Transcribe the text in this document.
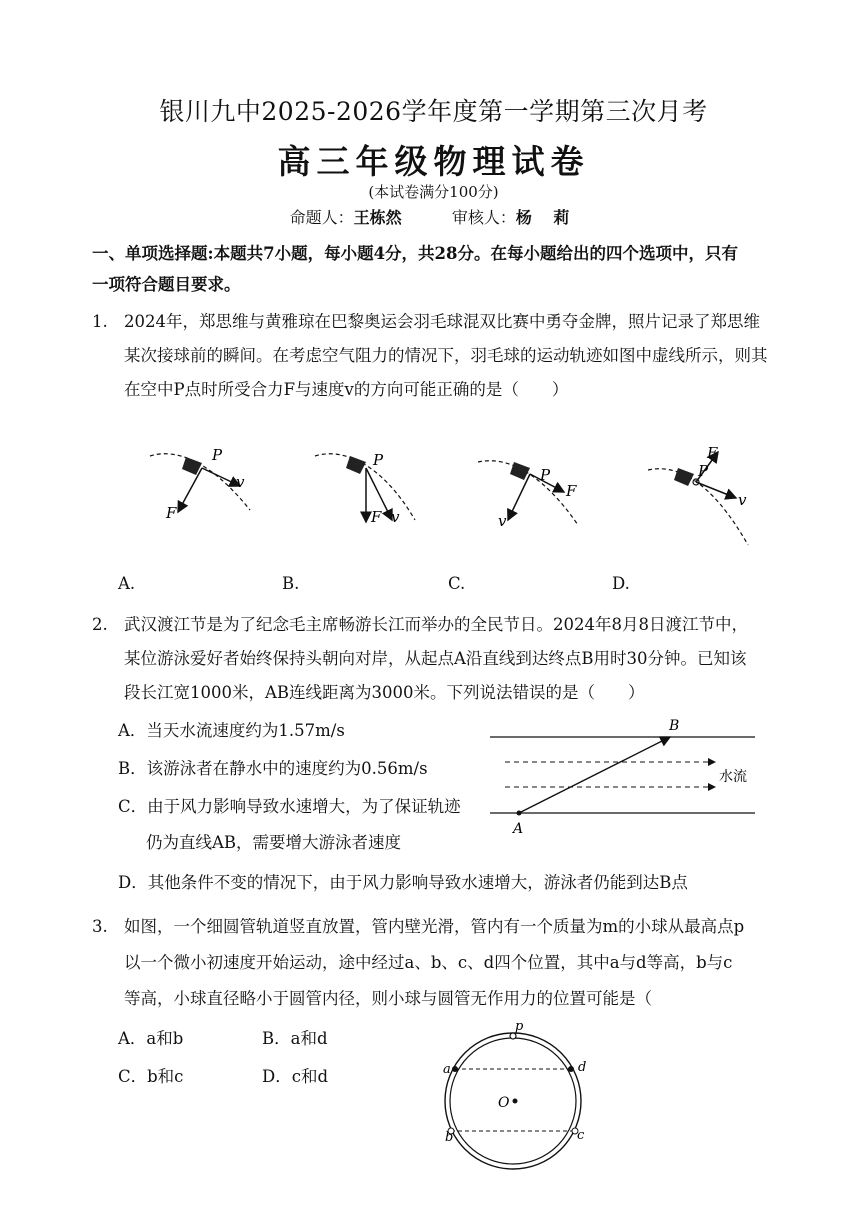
银川九中2025-2026学年度第一学期第三次月考
高三年级物理试卷
(本试卷满分100分)
命题人：王栋然	审核人：杨 莉
一、单项选择题:本题共7小题，每小题4分，共28分。在每小题给出的四个选项中，只有
一项符合题目要求。
1. 2024年，郑思维与黄雅琼在巴黎奥运会羽毛球混双比赛中勇夺金牌，照片记录了郑思维
某次接球前的瞬间。在考虑空气阻力的情况下，羽毛球的运动轨迹如图中虚线所示，则其
在空中P点时所受合力F与速度v的方向可能正确的是（　　）
P
F
v
P
F v
P
F
v
P
F
v
A.	B.	C.	D.
2. 武汉渡江节是为了纪念毛主席畅游长江而举办的全民节日。2024年8月8日渡江节中，
某位游泳爱好者始终保持头朝向对岸，从起点A沿直线到达终点B用时30分钟。已知该
段长江宽1000米，AB连线距离为3000米。下列说法错误的是（　　）
A．当天水流速度约为1.57m/s
B．该游泳者在静水中的速度约为0.56m/s
C．由于风力影响导致水速增大，为了保证轨迹
仍为直线AB，需要增大游泳者速度
D．其他条件不变的情况下，由于风力影响导致水速增大，游泳者仍能到达B点
A
B
水流
3. 如图，一个细圆管轨道竖直放置，管内壁光滑，管内有一个质量为m的小球从最高点p
以一个微小初速度开始运动，途中经过a、b、c、d四个位置，其中a与d等高，b与c
等高，小球直径略小于圆管内径，则小球与圆管无作用力的位置可能是（
A．a和b	B．a和d
C．b和c	D．c和d
p
a	d
b	c
O
